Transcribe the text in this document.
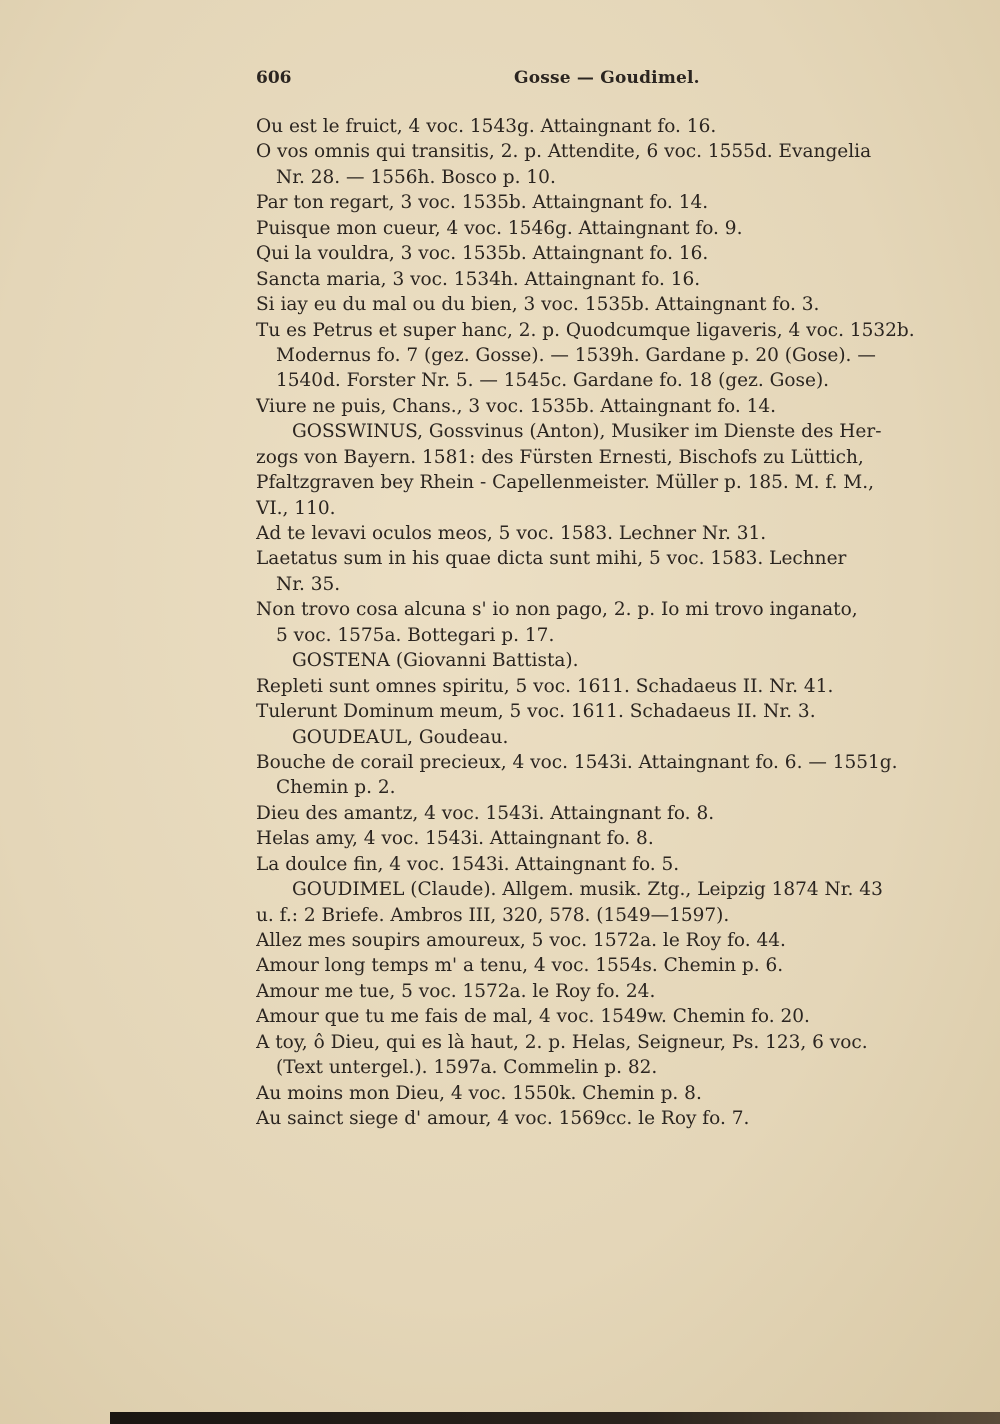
606	Gosse — Goudimel.
Ou est le fruict, 4 voc. 1543g. Attaingnant fo. 16.
O vos omnis qui transitis, 2. p. Attendite, 6 voc. 1555d. Evangelia
Nr. 28. — 1556h. Bosco p. 10.
Par ton regart, 3 voc. 1535b. Attaingnant fo. 14.
Puisque mon cueur, 4 voc. 1546g. Attaingnant fo. 9.
Qui la vouldra, 3 voc. 1535b. Attaingnant fo. 16.
Sancta maria, 3 voc. 1534h. Attaingnant fo. 16.
Si iay eu du mal ou du bien, 3 voc. 1535b. Attaingnant fo. 3.
Tu es Petrus et super hanc, 2. p. Quodcumque ligaveris, 4 voc. 1532b.
Modernus fo. 7 (gez. Gosse). — 1539h. Gardane p. 20 (Gose). —
1540d. Forster Nr. 5. — 1545c. Gardane fo. 18 (gez. Gose).
Viure ne puis, Chans., 3 voc. 1535b. Attaingnant fo. 14.
GOSSWINUS, Gossvinus (Anton), Musiker im Dienste des Her-
zogs von Bayern. 1581: des Fürsten Ernesti, Bischofs zu Lüttich,
Pfaltzgraven bey Rhein - Capellenmeister. Müller p. 185. M. f. M.,
VI., 110.
Ad te levavi oculos meos, 5 voc. 1583. Lechner Nr. 31.
Laetatus sum in his quae dicta sunt mihi, 5 voc. 1583. Lechner
Nr. 35.
Non trovo cosa alcuna s' io non pago, 2. p. Io mi trovo inganato,
5 voc. 1575a. Bottegari p. 17.
GOSTENA (Giovanni Battista).
Repleti sunt omnes spiritu, 5 voc. 1611. Schadaeus II. Nr. 41.
Tulerunt Dominum meum, 5 voc. 1611. Schadaeus II. Nr. 3.
GOUDEAUL, Goudeau.
Bouche de corail precieux, 4 voc. 1543i. Attaingnant fo. 6. — 1551g.
Chemin p. 2.
Dieu des amantz, 4 voc. 1543i. Attaingnant fo. 8.
Helas amy, 4 voc. 1543i. Attaingnant fo. 8.
La doulce fin, 4 voc. 1543i. Attaingnant fo. 5.
GOUDIMEL (Claude). Allgem. musik. Ztg., Leipzig 1874 Nr. 43
u. f.: 2 Briefe. Ambros III, 320, 578. (1549—1597).
Allez mes soupirs amoureux, 5 voc. 1572a. le Roy fo. 44.
Amour long temps m' a tenu, 4 voc. 1554s. Chemin p. 6.
Amour me tue, 5 voc. 1572a. le Roy fo. 24.
Amour que tu me fais de mal, 4 voc. 1549w. Chemin fo. 20.
A toy, ô Dieu, qui es là haut, 2. p. Helas, Seigneur, Ps. 123, 6 voc.
(Text untergel.). 1597a. Commelin p. 82.
Au moins mon Dieu, 4 voc. 1550k. Chemin p. 8.
Au sainct siege d' amour, 4 voc. 1569cc. le Roy fo. 7.
